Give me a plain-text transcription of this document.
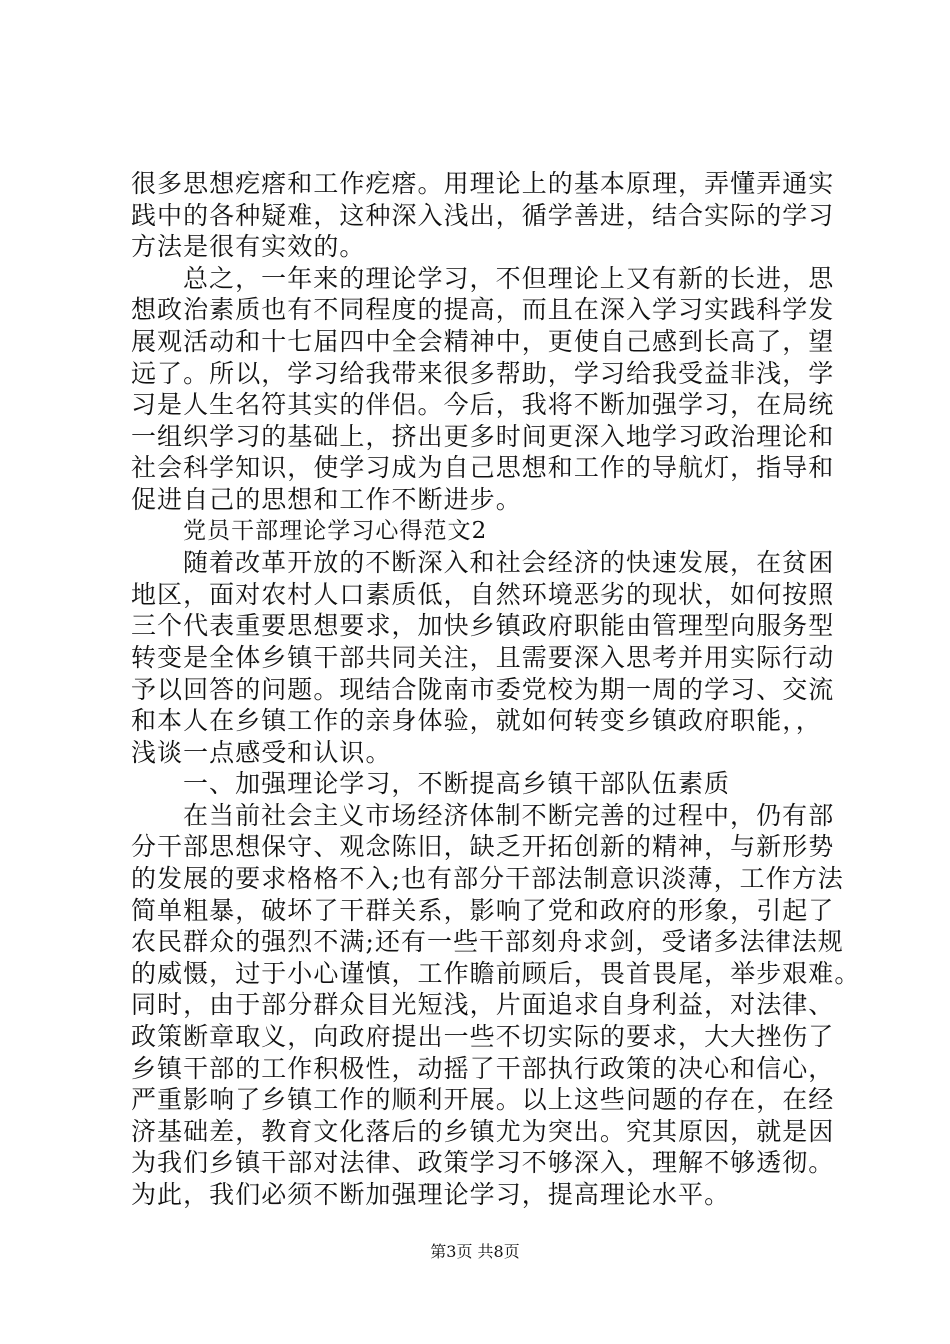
很多思想疙瘩和工作疙瘩。用理论上的基本原理，弄懂弄通实
践中的各种疑难，这种深入浅出，循学善进，结合实际的学习
方法是很有实效的。
总之，一年来的理论学习，不但理论上又有新的长进，思
想政治素质也有不同程度的提高，而且在深入学习实践科学发
展观活动和十七届四中全会精神中，更使自己感到长高了，望
远了。所以，学习给我带来很多帮助，学习给我受益非浅，学
习是人生名符其实的伴侣。今后，我将不断加强学习，在局统
一组织学习的基础上，挤出更多时间更深入地学习政治理论和
社会科学知识，使学习成为自己思想和工作的导航灯，指导和
促进自己的思想和工作不断进步。
党员干部理论学习心得范文2
随着改革开放的不断深入和社会经济的快速发展，在贫困
地区，面对农村人口素质低，自然环境恶劣的现状，如何按照
三个代表重要思想要求，加快乡镇政府职能由管理型向服务型
转变是全体乡镇干部共同关注，且需要深入思考并用实际行动
予以回答的问题。现结合陇南市委党校为期一周的学习、交流
和本人在乡镇工作的亲身体验，就如何转变乡镇政府职能，，
浅谈一点感受和认识。
一、加强理论学习，不断提高乡镇干部队伍素质
在当前社会主义市场经济体制不断完善的过程中，仍有部
分干部思想保守、观念陈旧，缺乏开拓创新的精神，与新形势
的发展的要求格格不入;也有部分干部法制意识淡薄，工作方法
简单粗暴，破坏了干群关系，影响了党和政府的形象，引起了
农民群众的强烈不满;还有一些干部刻舟求剑，受诸多法律法规
的威慑，过于小心谨慎，工作瞻前顾后，畏首畏尾，举步艰难。
同时，由于部分群众目光短浅，片面追求自身利益，对法律、
政策断章取义，向政府提出一些不切实际的要求，大大挫伤了
乡镇干部的工作积极性，动摇了干部执行政策的决心和信心，
严重影响了乡镇工作的顺利开展。以上这些问题的存在，在经
济基础差，教育文化落后的乡镇尤为突出。究其原因，就是因
为我们乡镇干部对法律、政策学习不够深入，理解不够透彻。
为此，我们必须不断加强理论学习，提高理论水平。
第3页 共8页
